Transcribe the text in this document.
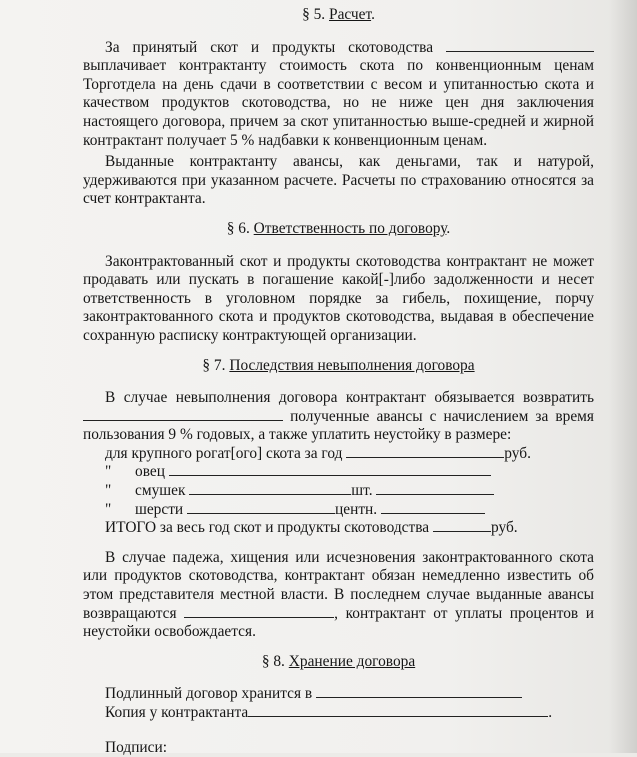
§ 5. Расчет.

За принятый скот и продукты скотоводства  выплачивает контрактанту стоимость скота по конвенционным ценам Торготдела на день сдачи в соответствии с весом и упитанностью скота и качеством продуктов скотоводства, но не ниже цен дня заключения настоящего договора, причем за скот упитанностью выше-средней и жирной контрактант получает 5 % надбавки к конвенционным ценам.

Выданные контрактанту авансы, как деньгами, так и натурой, удерживаются при указанном расчете. Расчеты по страхованию относятся за счет контрактанта.

§ 6. Ответственность по договору.

Законтрактованный скот и продукты скотоводства контрактант не может продавать или пускать в погашение какой[-]либо задолженности и несет ответственность в уголовном порядке за гибель, похищение, порчу законтрактованного скота и продуктов скотоводства, выдавая в обеспечение сохранную расписку контрактующей организации.

§ 7. Последствия невыполнения договора

В случае невыполнения договора контрактант обязывается возвратить  полученные авансы с начислением за время пользования 9 % годовых, а также уплатить неустойку в размере:

для крупного рогат[ого] скота за год	руб.
" овец
" смушек	шт.
" шерсти	центн.
ИТОГО за весь год скот и продукты скотоводства	руб.

В случае падежа, хищения или исчезновения законтрактованного скота или продуктов скотоводства, контрактант обязан немедленно известить об этом представителя местной власти. В последнем случае выданные авансы возвращаются	, контрактант от уплаты процентов и неустойки освобождается.

§ 8. Хранение договора
Подлинный договор хранится в
Копия у контрактанта	.
Подписи:
